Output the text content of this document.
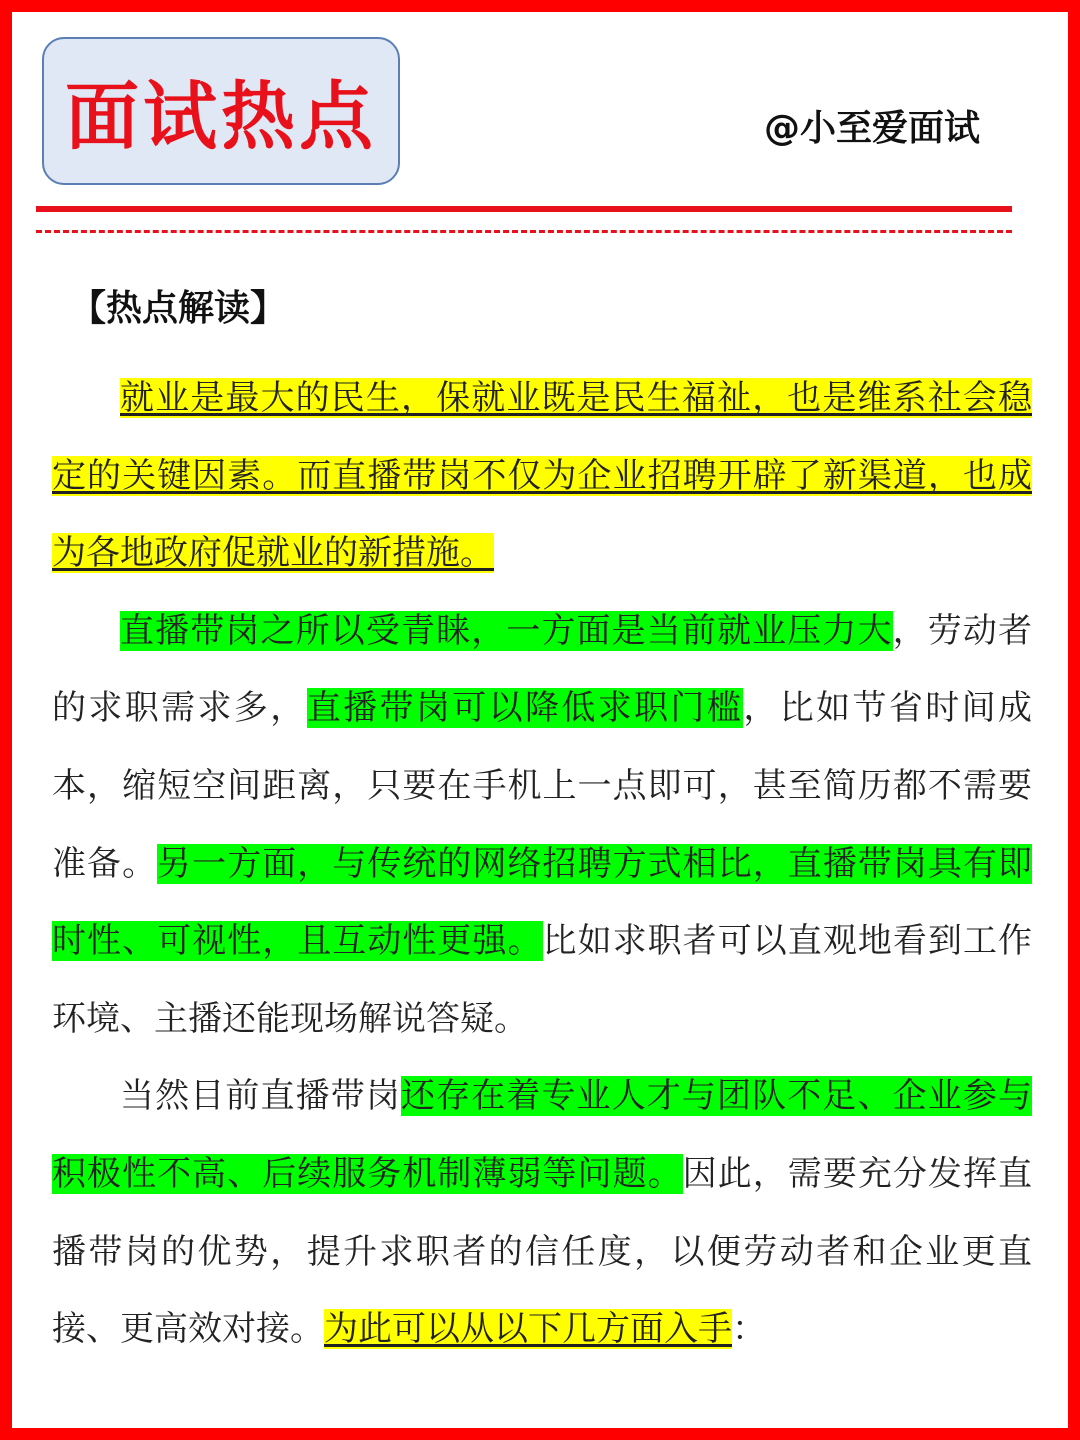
面试热点	@小至爱面试
【热点解读】

就业是最大的民生，保就业既是民生福祉，也是维系社会稳定的关键因素。而直播带岗不仅为企业招聘开辟了新渠道，也成为各地政府促就业的新措施。

直播带岗之所以受青睐，一方面是当前就业压力大，劳动者的求职需求多，直播带岗可以降低求职门槛，比如节省时间成本，缩短空间距离，只要在手机上一点即可，甚至简历都不需要准备。另一方面，与传统的网络招聘方式相比，直播带岗具有即时性、可视性，且互动性更强。比如求职者可以直观地看到工作环境、主播还能现场解说答疑。

当然目前直播带岗还存在着专业人才与团队不足、企业参与积极性不高、后续服务机制薄弱等问题。因此，需要充分发挥直播带岗的优势，提升求职者的信任度，以便劳动者和企业更直接、更高效对接。为此可以从以下几方面入手：
